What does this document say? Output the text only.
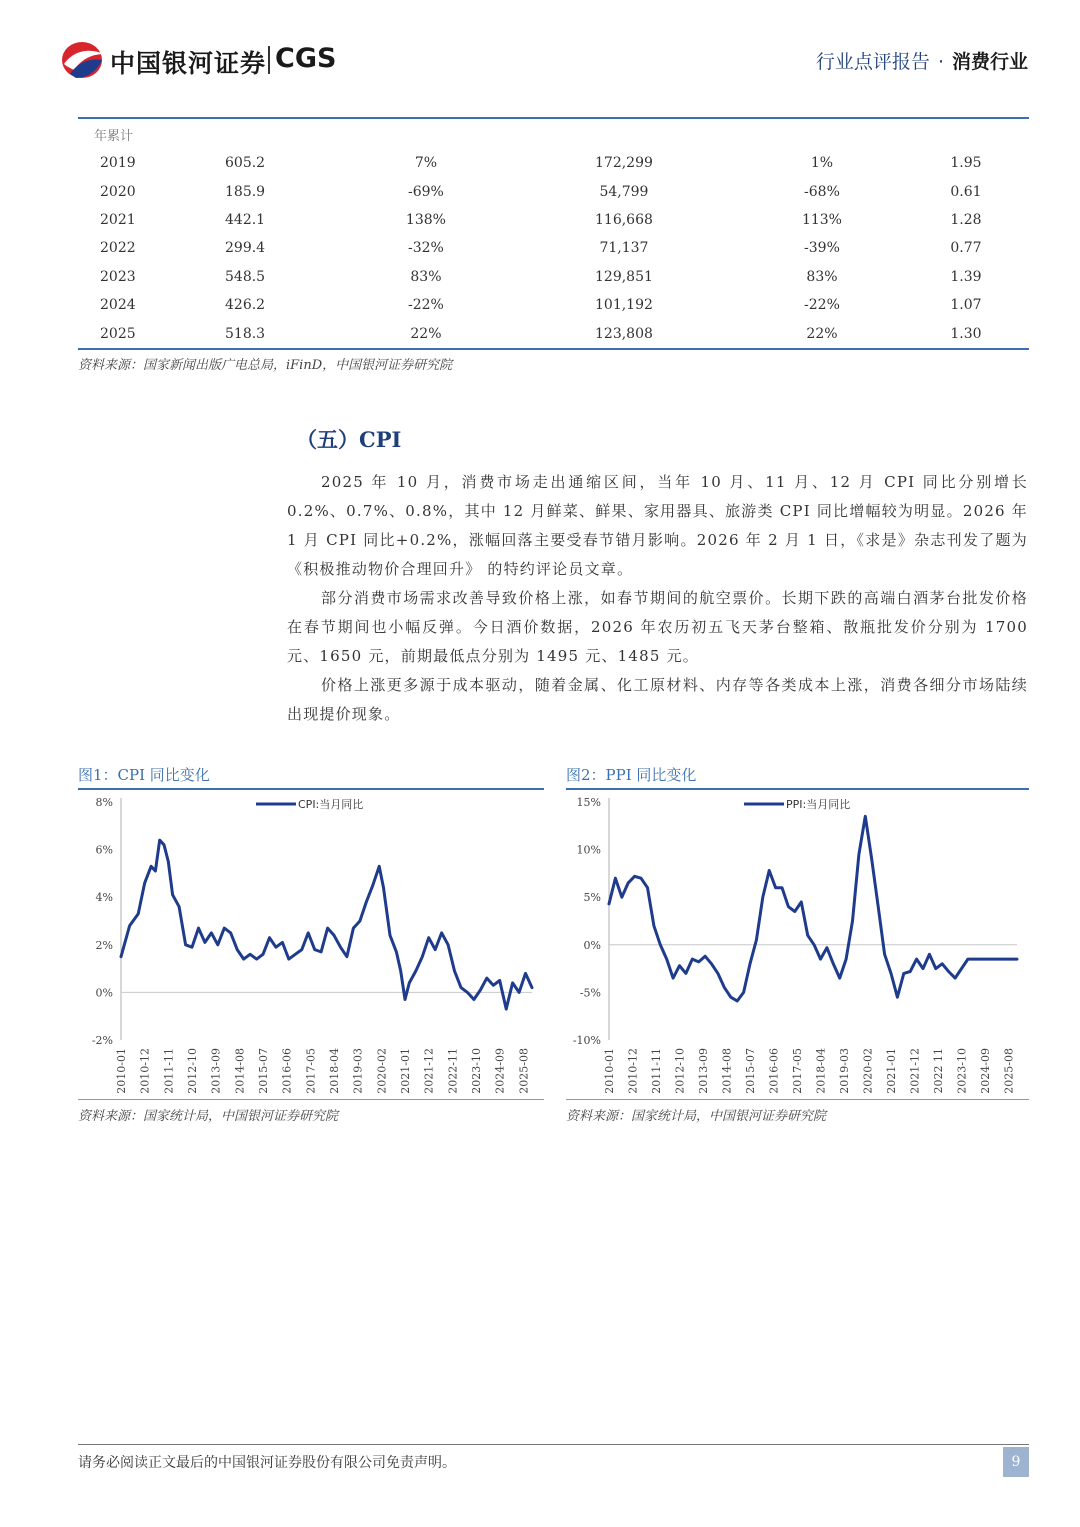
中国银河证券 CGS	行业点评报告 · 消费行业
年累计					
2019	605.2	7%	172,299	1%	1.95
2020	185.9	-69%	54,799	-68%	0.61
2021	442.1	138%	116,668	113%	1.28
2022	299.4	-32%	71,137	-39%	0.77
2023	548.5	83%	129,851	83%	1.39
2024	426.2	-22%	101,192	-22%	1.07
2025	518.3	22%	123,808	22%	1.30
资料来源：国家新闻出版广电总局，iFinD，中国银河证券研究院
（五）CPI

2025 年 10 月，消费市场走出通缩区间，当年 10 月、11 月、12 月 CPI 同比分别增长 0.2%、0.7%、0.8%，其中 12 月鲜菜、鲜果、家用器具、旅游类 CPI 同比增幅较为明显。2026 年 1 月 CPI 同比+0.2%，涨幅回落主要受春节错月影响。2026 年 2 月 1 日，《求是》杂志刊发了题为《积极推动物价合理回升》 的特约评论员文章。

部分消费市场需求改善导致价格上涨，如春节期间的航空票价。长期下跌的高端白酒茅台批发价格在春节期间也小幅反弹。今日酒价数据，2026 年农历初五飞天茅台整箱、散瓶批发价分别为 1700 元、1650 元，前期最低点分别为 1495 元、1485 元。

价格上涨更多源于成本驱动，随着金属、化工原材料、内存等各类成本上涨，消费各细分市场陆续出现提价现象。

图1：CPI 同比变化
8%
6%
4%
2%
0%
-2%
2010-01 2010-12 2011-11 2012-10 2013-09 2014-08 2015-07 2016-06 2017-05 2018-04 2019-03 2020-02 2021-01 2021-12 2022-11 2023-10 2024-09 2025-08
CPI:当月同比
资料来源：国家统计局，中国银河证券研究院
图2：PPI 同比变化
15%
10%
5%
0%
-5%
-10%
2010-01 2010-12 2011-11 2012-10 2013-09 2014-08 2015-07 2016-06 2017-05 2018-04 2019-03 2020-02 2021-01 2021-12 2022 11 2023-10 2024-09 2025-08
PPI:当月同比
资料来源：国家统计局，中国银河证券研究院
请务必阅读正文最后的中国银河证券股份有限公司免责声明。	9
